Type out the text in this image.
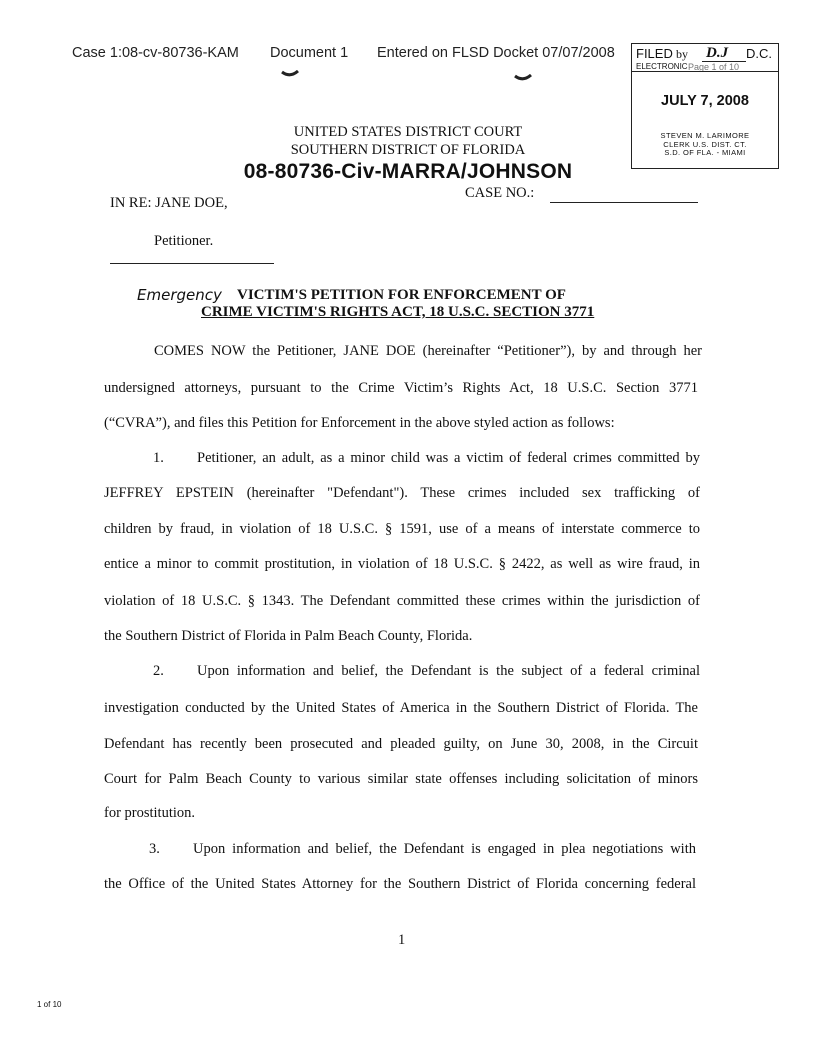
Case 1:08-cv-80736-KAM Document 1 Entered on FLSD Docket 07/07/2008
Page 1 of 10
FILED D.J
by	D.C.
ELECTRONIC
JULY 7, 2008
STEVEN M. LARIMORE
CLERK U.S. DIST. CT.
S.D. OF FLA. - MIAMI
UNITED STATES DISTRICT COURT
SOUTHERN DISTRICT OF FLORIDA
08-80736-Civ-MARRA/JOHNSON
CASE NO.:
IN RE: JANE DOE,
Petitioner.
Emergency VICTIM'S PETITION FOR ENFORCEMENT OF
CRIME VICTIM'S RIGHTS ACT, 18 U.S.C. SECTION 3771
COMES NOW the Petitioner, JANE DOE (hereinafter “Petitioner”), by and through her
undersigned attorneys, pursuant to the Crime Victim’s Rights Act, 18 U.S.C. Section 3771
(“CVRA”), and files this Petition for Enforcement in the above styled action as follows:
1. Petitioner, an adult, as a minor child was a victim of federal crimes committed by
JEFFREY EPSTEIN (hereinafter "Defendant"). These crimes included sex trafficking of
children by fraud, in violation of 18 U.S.C. § 1591, use of a means of interstate commerce to
entice a minor to commit prostitution, in violation of 18 U.S.C. § 2422, as well as wire fraud, in
violation of 18 U.S.C. § 1343. The Defendant committed these crimes within the jurisdiction of
the Southern District of Florida in Palm Beach County, Florida.
2. Upon information and belief, the Defendant is the subject of a federal criminal
investigation conducted by the United States of America in the Southern District of Florida. The
Defendant has recently been prosecuted and pleaded guilty, on June 30, 2008, in the Circuit
Court for Palm Beach County to various similar state offenses including solicitation of minors
for prostitution.
3. Upon information and belief, the Defendant is engaged in plea negotiations with
the Office of the United States Attorney for the Southern District of Florida concerning federal
1
1 of 10
